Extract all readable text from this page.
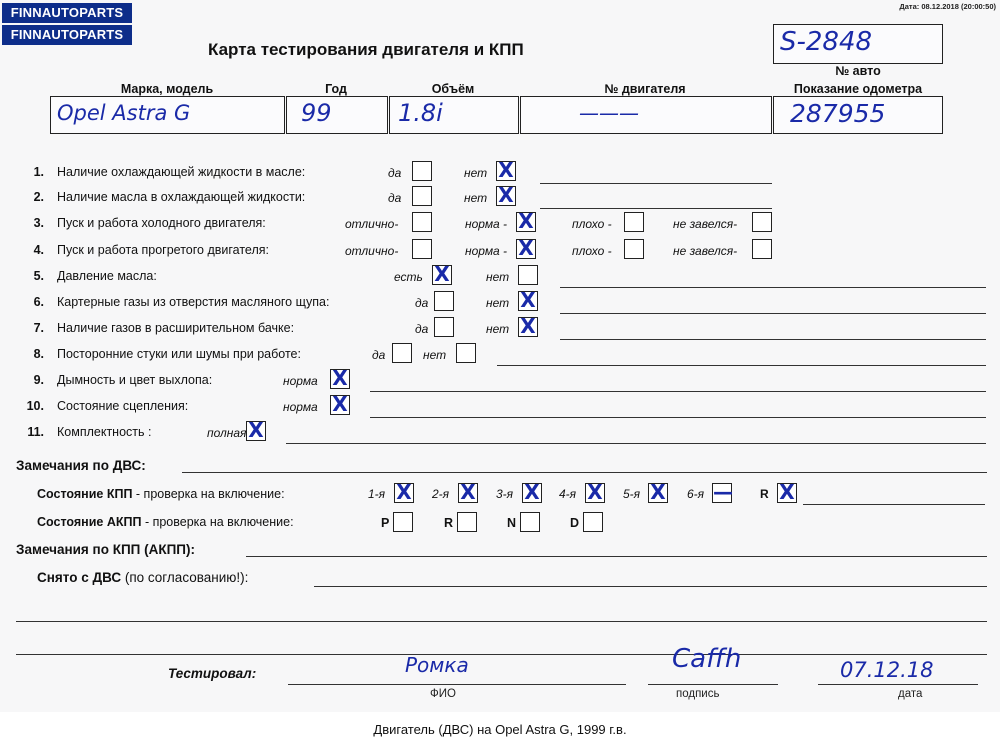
FINNAUTOPARTS
FINNAUTOPARTS
Дата: 08.12.2018 (20:00:50)
Карта тестирования двигателя и КПП	S-2848
№ авто
Марка, модель	Год	Объём	№ двигателя	Показание одометра
Opel Astra G	99	1.8i	———	287955
1. Наличие охлаждающей жидкости в масле:	да	нет X
2. Наличие масла в охлаждающей жидкости:	да	нет X
3. Пуск и работа холодного двигателя:	отлично-	норма - X	плохо -	не завелся-
4. Пуск и работа прогретого двигателя:	отлично-	норма - X	плохо -	не завелся-
5. Давление масла:	есть X	нет
6. Картерные газы из отверстия масляного щупа:	да	нет X
7. Наличие газов в расширительном бачке:	да	нет X
8. Посторонние стуки или шумы при работе:	да	нет
9. Дымность и цвет выхлопа:	норма X
10. Состояние сцепления:	норма X
11. Комплектность :	полная X
Замечания по ДВС:
Состояние КПП - проверка на включение:	1-я X 2-я X 3-я X 4-я X 5-я X 6-я — R X
Состояние АКПП - проверка на включение:	P	R	N	D
Замечания по КПП (АКПП):
Снято с ДВС (по согласованию!):
Тестировал:	Ромка
ФИО
Caffh
подпись
07.12.18
дата
Двигатель (ДВС) на Opel Astra G, 1999 г.в.
